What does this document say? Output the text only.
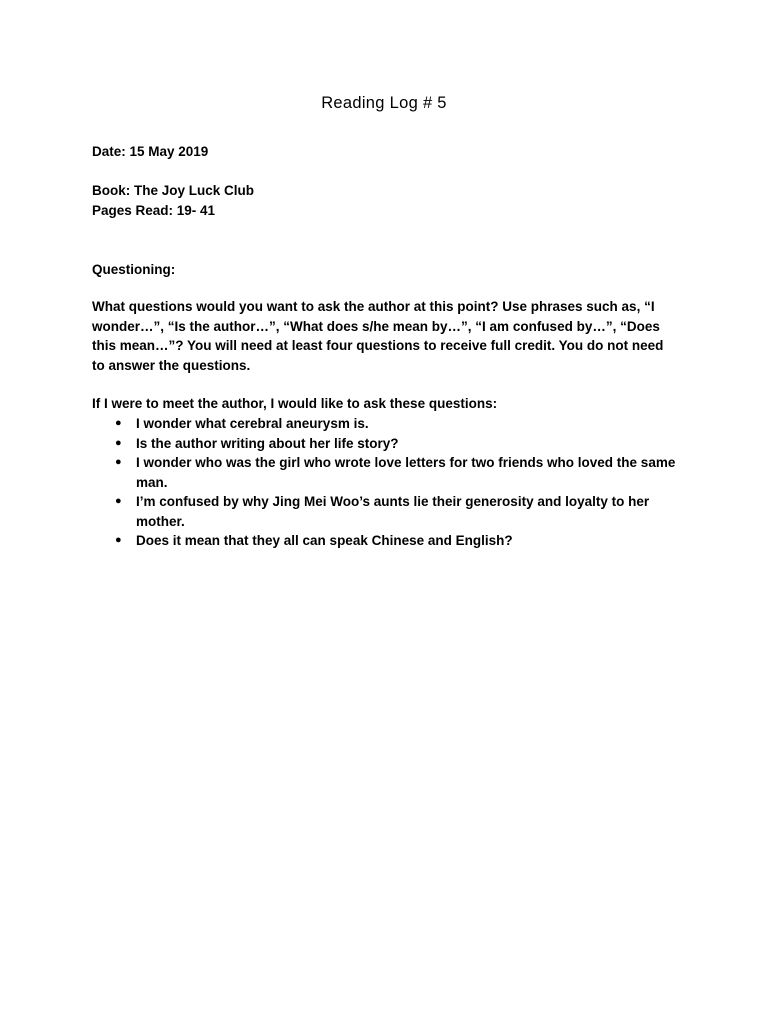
Reading Log # 5

Date: 15 May 2019

Book: The Joy Luck Club

Pages Read: 19- 41

Questioning:

What questions would you want to ask the author at this point? Use phrases such as, “I wonder…”, “Is the author…”, “What does s/he mean by…”, “I am confused by…”, “Does this mean…”? You will need at least four questions to receive full credit. You do not need to answer the questions.

If I were to meet the author, I would like to ask these questions:

● I wonder what cerebral aneurysm is.
● Is the author writing about her life story?
● I wonder who was the girl who wrote love letters for two friends who loved the same man.
● I’m confused by why Jing Mei Woo’s aunts lie their generosity and loyalty to her mother.
● Does it mean that they all can speak Chinese and English?
